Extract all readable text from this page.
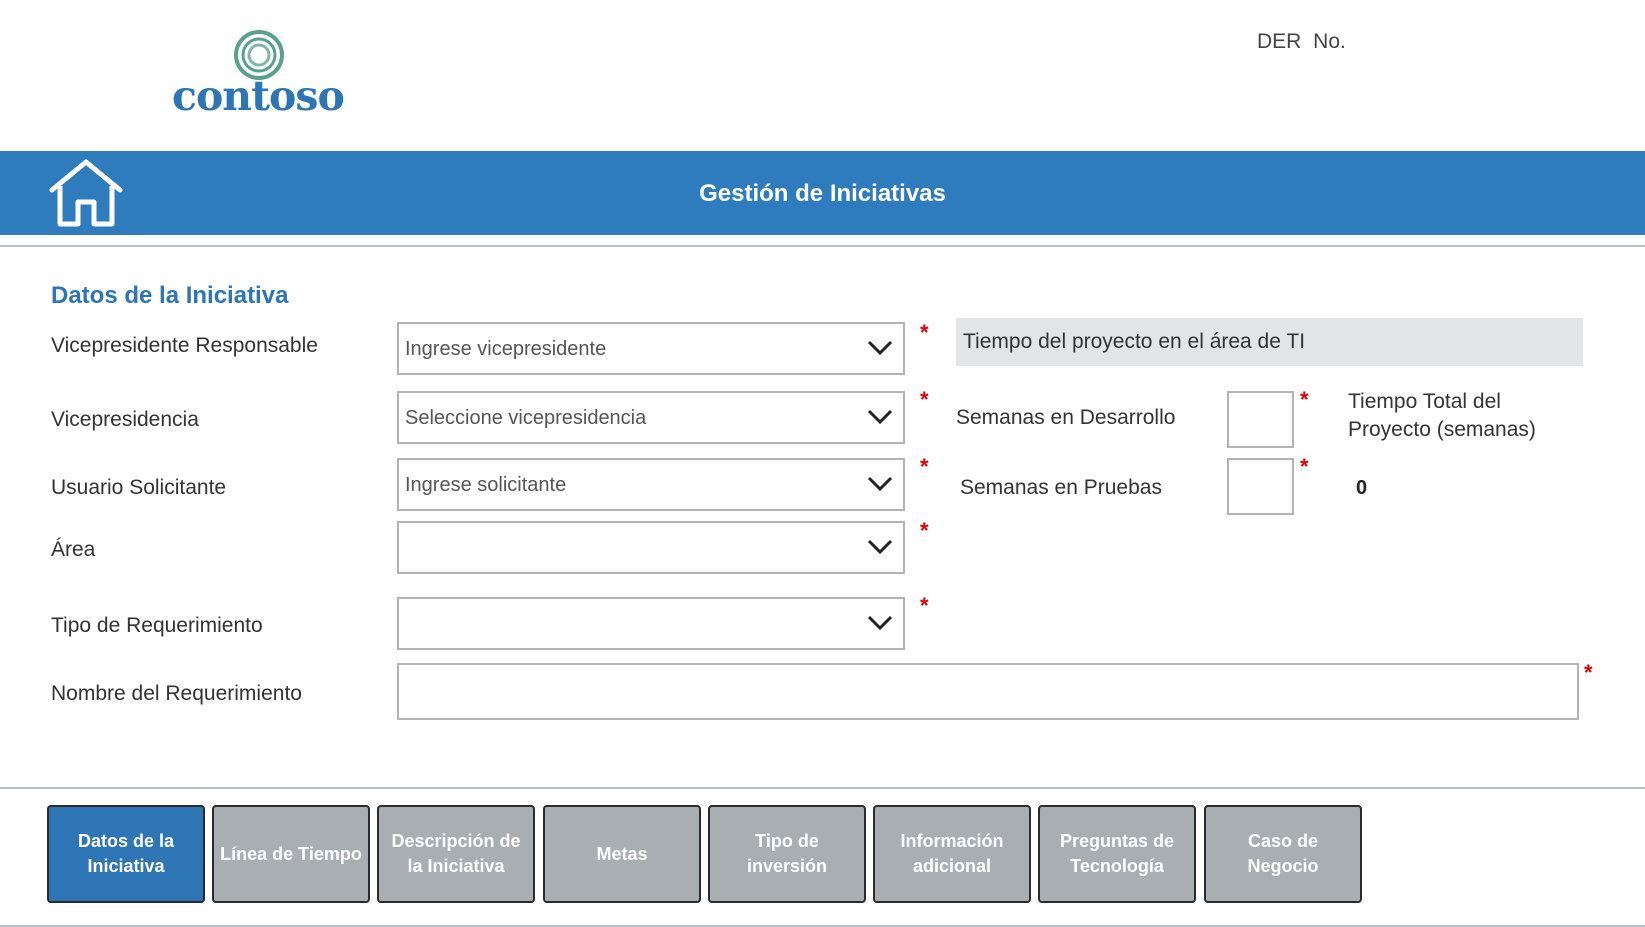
contoso
DER No.
Gestión de Iniciativas
Datos de la Iniciativa
Vicepresidente Responsable	Ingrese vicepresidente
*
Vicepresidencia	Seleccione vicepresidencia
*
Usuario Solicitante	Ingrese solicitante
*
Área
*
Tipo de Requerimiento
*
Nombre del Requerimiento
*
Tiempo del proyecto en el área de TI
Semanas en Desarrollo
*
Semanas en Pruebas
*
Tiempo Total del Proyecto (semanas)
0
Datos de la Iniciativa
Línea de Tiempo
Descripción de la Iniciativa
Metas
Tipo de inversión
Información adicional
Preguntas de Tecnología
Caso de Negocio
